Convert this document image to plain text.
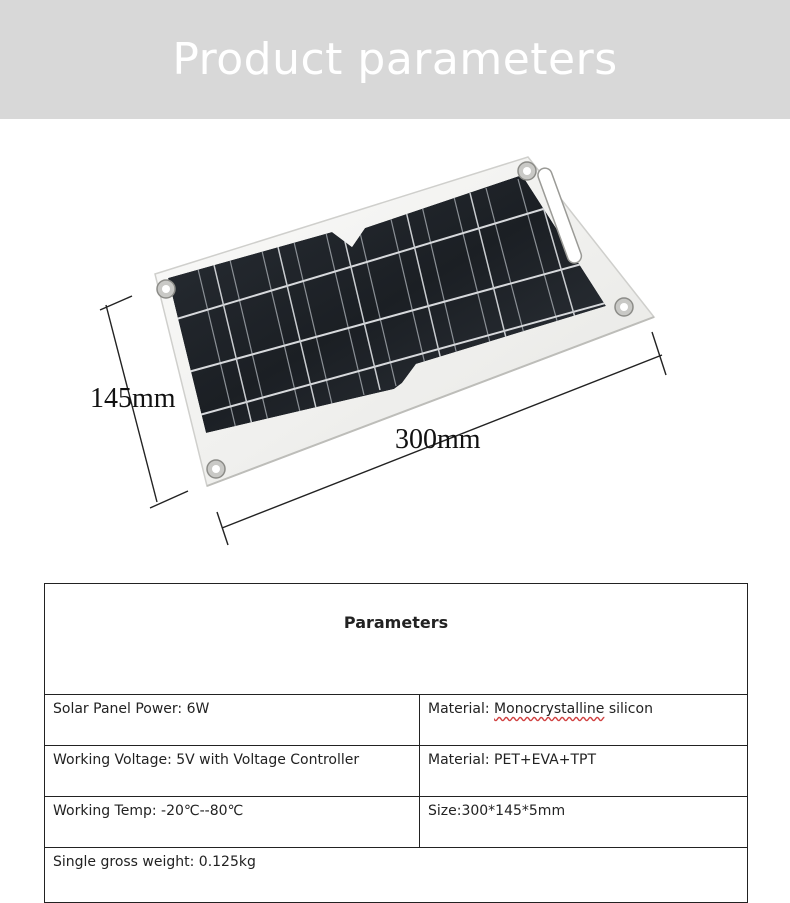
Product parameters
145mm
300mm
Parameters	
Solar Panel Power: 6W	Material: Monocrystalline silicon
Working Voltage: 5V with Voltage Controller	Material: PET+EVA+TPT
Working Temp: -20℃--80℃	Size:300*145*5mm
Single gross weight: 0.125kg	
